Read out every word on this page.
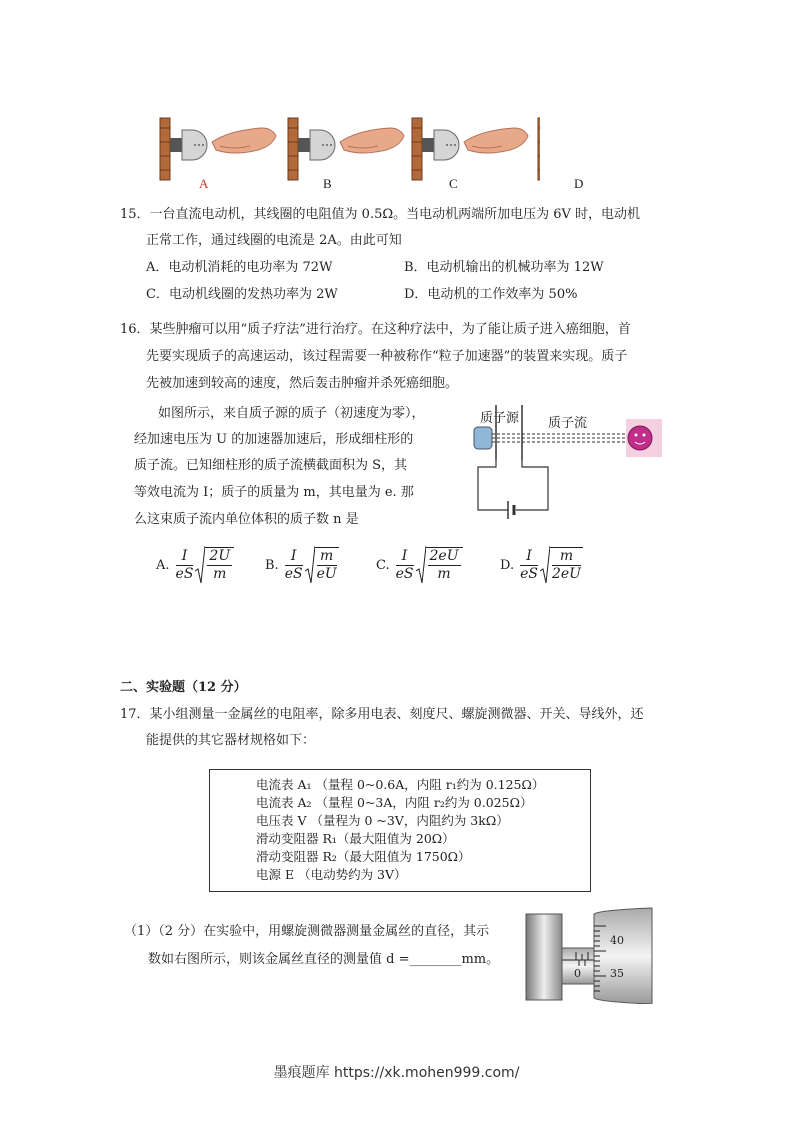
A	B	C	D
15．一台直流电动机，其线圈的电阻值为 0.5Ω。当电动机两端所加电压为 6V 时，电动机
正常工作，通过线圈的电流是 2A。由此可知
A．电动机消耗的电功率为 72W	B．电动机输出的机械功率为 12W
C．电动机线圈的发热功率为 2W	D．电动机的工作效率为 50%
16．某些肿瘤可以用“质子疗法”进行治疗。在这种疗法中，为了能让质子进入癌细胞，首
先要实现质子的高速运动，该过程需要一种被称作“粒子加速器”的装置来实现。质子
先被加速到较高的速度，然后轰击肿瘤并杀死癌细胞。
如图所示，来自质子源的质子（初速度为零），
经加速电压为 U 的加速器加速后，形成细柱形的
质子流。已知细柱形的质子流横截面积为 S，其
等效电流为 I；质子的质量为 m，其电量为 e. 那
么这束质子流内单位体积的质子数 n 是
质子源 质子流
A. $\frac{I}{eS} \frac{2U}{m}$	B. $\frac{I}{eS} \frac{m}{eU}$	C. $\frac{I}{eS} \frac{2eU}{m}$	D. $\frac{I}{eS} \frac{m}{2eU}$
二、实验题（12 分）
17．某小组测量一金属丝的电阻率，除多用电表、刻度尺、螺旋测微器、开关、导线外，还
能提供的其它器材规格如下：
电流表 A₁ （量程 0~0.6A，内阻 r₁约为 0.125Ω）
电流表 A₂ （量程 0~3A，内阻 r₂约为 0.025Ω）
电压表 V （量程为 0 ~3V，内阻约为 3kΩ）
滑动变阻器 R₁（最大阻值为 20Ω）
滑动变阻器 R₂（最大阻值为 1750Ω）
电源 E （电动势约为 3V）
（1）（2 分）在实验中，用螺旋测微器测量金属丝的直径，其示
数如右图所示，则该金属丝直径的测量值 d =________mm。
40
35
0
墨痕题库 https://xk.mohen999.com/
